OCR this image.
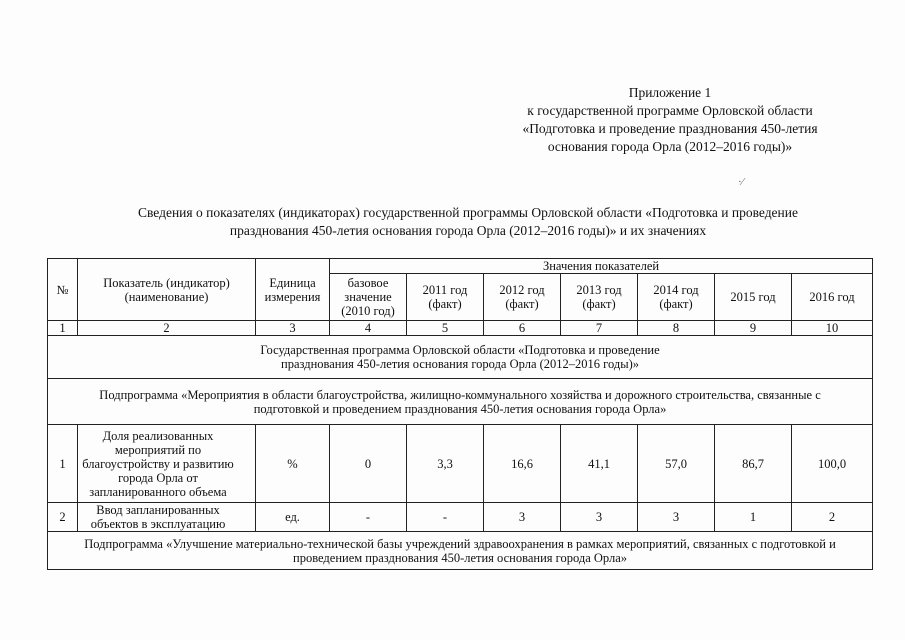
Приложение 1
к государственной программе Орловской области
«Подготовка и проведение празднования 450-летия
основания города Орла (2012–2016 годы)»
·⁄
Сведения о показателях (индикаторах) государственной программы Орловской области «Подготовка и проведение
празднования 450-летия основания города Орла (2012–2016 годы)» и их значениях
№	Показатель (индикатор) (наименование)	Единица измерения	Значения показателей						
			базовое значение (2010 год)	2011 год (факт)	2012 год (факт)	2013 год (факт)	2014 год (факт)	2015 год	2016 год
1	2	3	4	5	6	7	8	9	10
Государственная программа Орловской области «Подготовка и проведение празднования 450-летия основания города Орла (2012–2016 годы)»									
Подпрограмма «Мероприятия в области благоустройства, жилищно-коммунального хозяйства и дорожного строительства, связанные с подготовкой и проведением празднования 450-летия основания города Орла»									
1	Доля реализованных мероприятий по благоустройству и развитию города Орла от запланированного объема	%	0	3,3	16,6	41,1	57,0	86,7	100,0
2	Ввод запланированных объектов в эксплуатацию	ед.	-	-	3	3	3	1	2
Подпрограмма «Улучшение материально-технической базы учреждений здравоохранения в рамках мероприятий, связанных с подготовкой и проведением празднования 450-летия основания города Орла»									
